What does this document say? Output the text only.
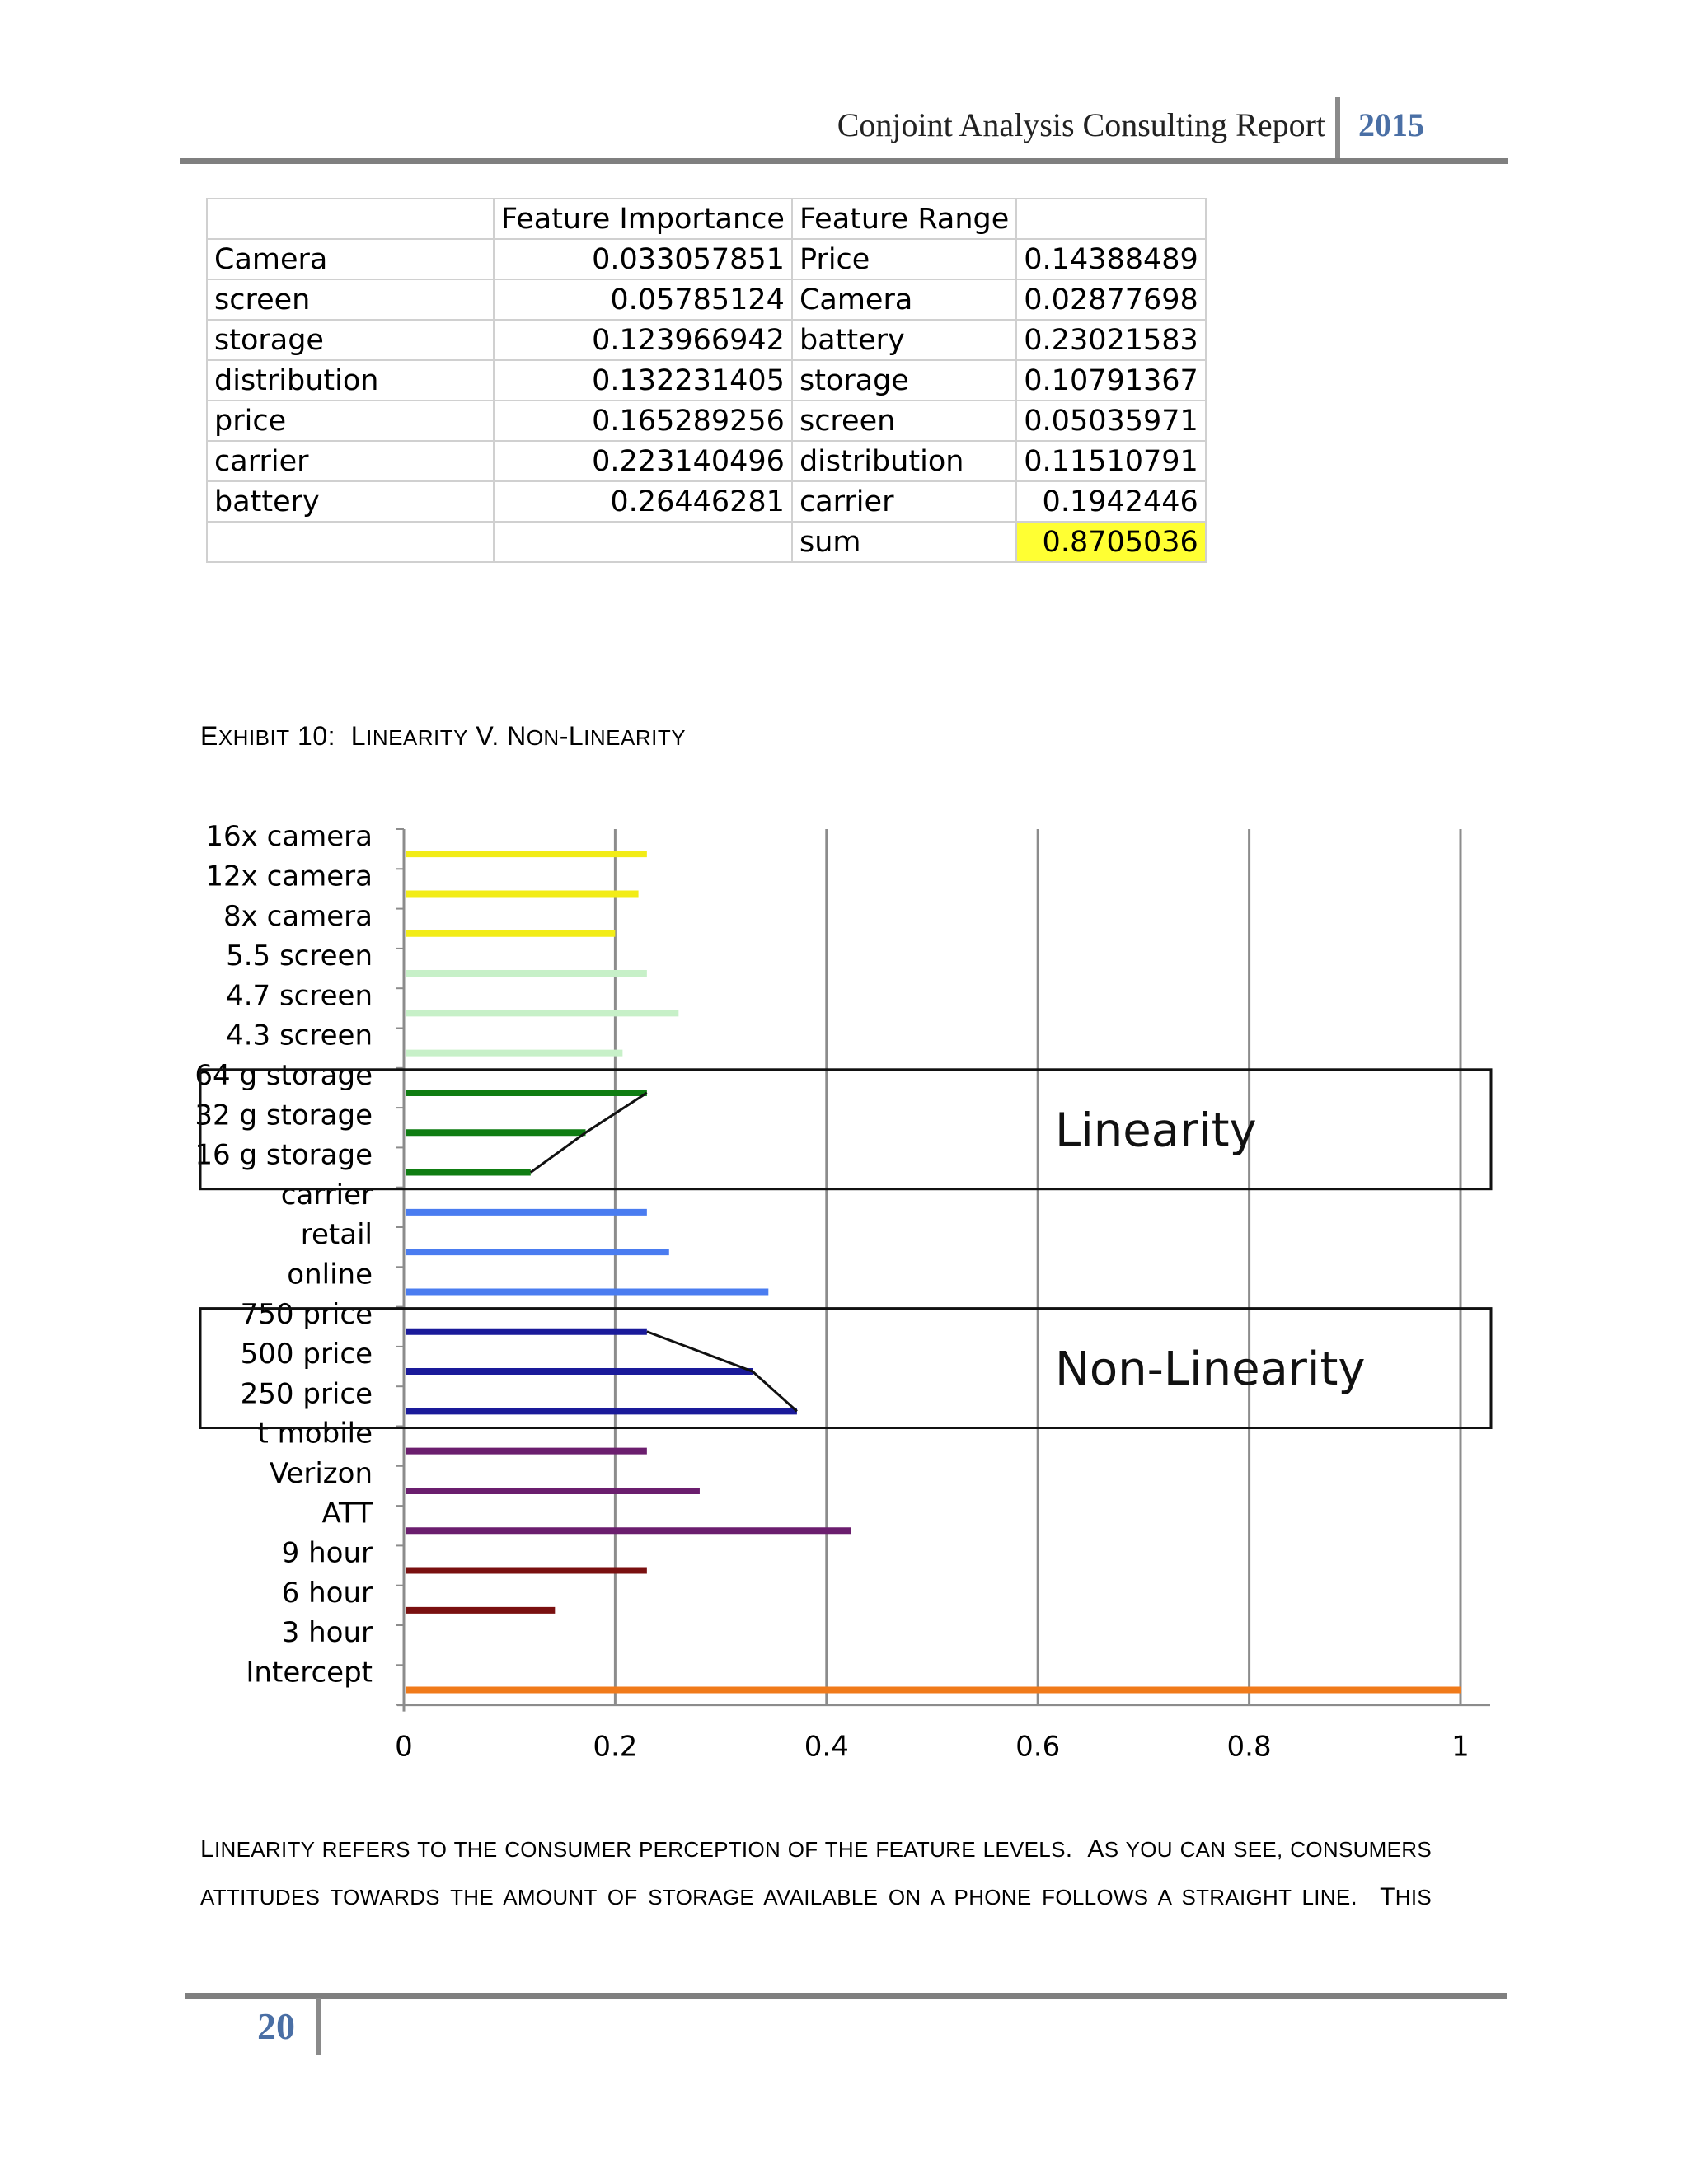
Conjoint Analysis Consulting Report 2015
	Feature Importance	Feature Range	
Camera	0.033057851	Price	0.14388489
screen	0.05785124	Camera	0.02877698
storage	0.123966942	battery	0.23021583
distribution	0.132231405	storage	0.10791367
price	0.165289256	screen	0.05035971
carrier	0.223140496	distribution	0.11510791
battery	0.26446281	carrier	0.1942446
		sum	0.8705036
EXHIBIT 10:  LINEARITY V. NON-LINEARITY
0	0.2	0.4	0.6	0.8	1
16x camera
12x camera
8x camera
5.5 screen
4.7 screen
4.3 screen
64 g storage
32 g storage
16 g storage
carrier
retail
online
750 price
500 price
250 price
t mobile
Verizon
ATT
9 hour
6 hour
3 hour
Intercept
Linearity
Non-Linearity
LINEARITY REFERS TO THE CONSUMER PERCEPTION OF THE FEATURE LEVELS.  AS YOU CAN SEE, CONSUMERS
ATTITUDES TOWARDS THE AMOUNT OF STORAGE AVAILABLE ON A PHONE FOLLOWS A STRAIGHT LINE.  THIS
20
